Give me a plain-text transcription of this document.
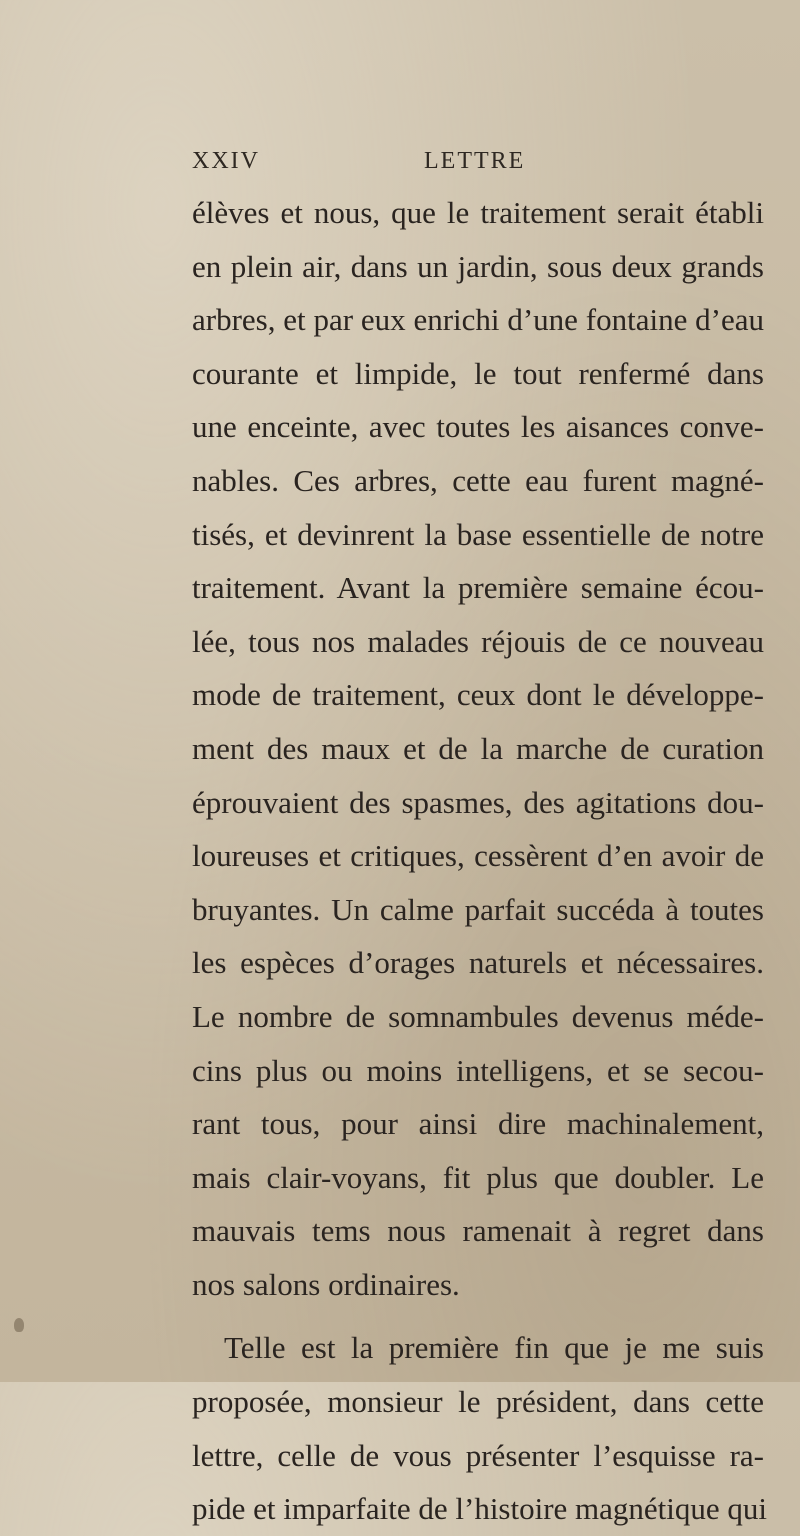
XXIV	LETTRE
élèves et nous, que le traitement serait établi
en plein air, dans un jardin, sous deux grands
arbres, et par eux enrichi d’une fontaine d’eau
courante et limpide, le tout renfermé dans
une enceinte, avec toutes les aisances conve-
nables. Ces arbres, cette eau furent magné-
tisés, et devinrent la base essentielle de notre
traitement. Avant la première semaine écou-
lée, tous nos malades réjouis de ce nouveau
mode de traitement, ceux dont le développe-
ment des maux et de la marche de curation
éprouvaient des spasmes, des agitations dou-
loureuses et critiques, cessèrent d’en avoir de
bruyantes. Un calme parfait succéda à toutes
les espèces d’orages naturels et nécessaires.
Le nombre de somnambules devenus méde-
cins plus ou moins intelligens, et se secou-
rant tous, pour ainsi dire machinalement,
mais clair-voyans, fit plus que doubler. Le
mauvais tems nous ramenait à regret dans
nos salons ordinaires.
Telle est la première fin que je me suis
proposée, monsieur le président, dans cette
lettre, celle de vous présenter l’esquisse ra-
pide et imparfaite de l’histoire magnétique qui
